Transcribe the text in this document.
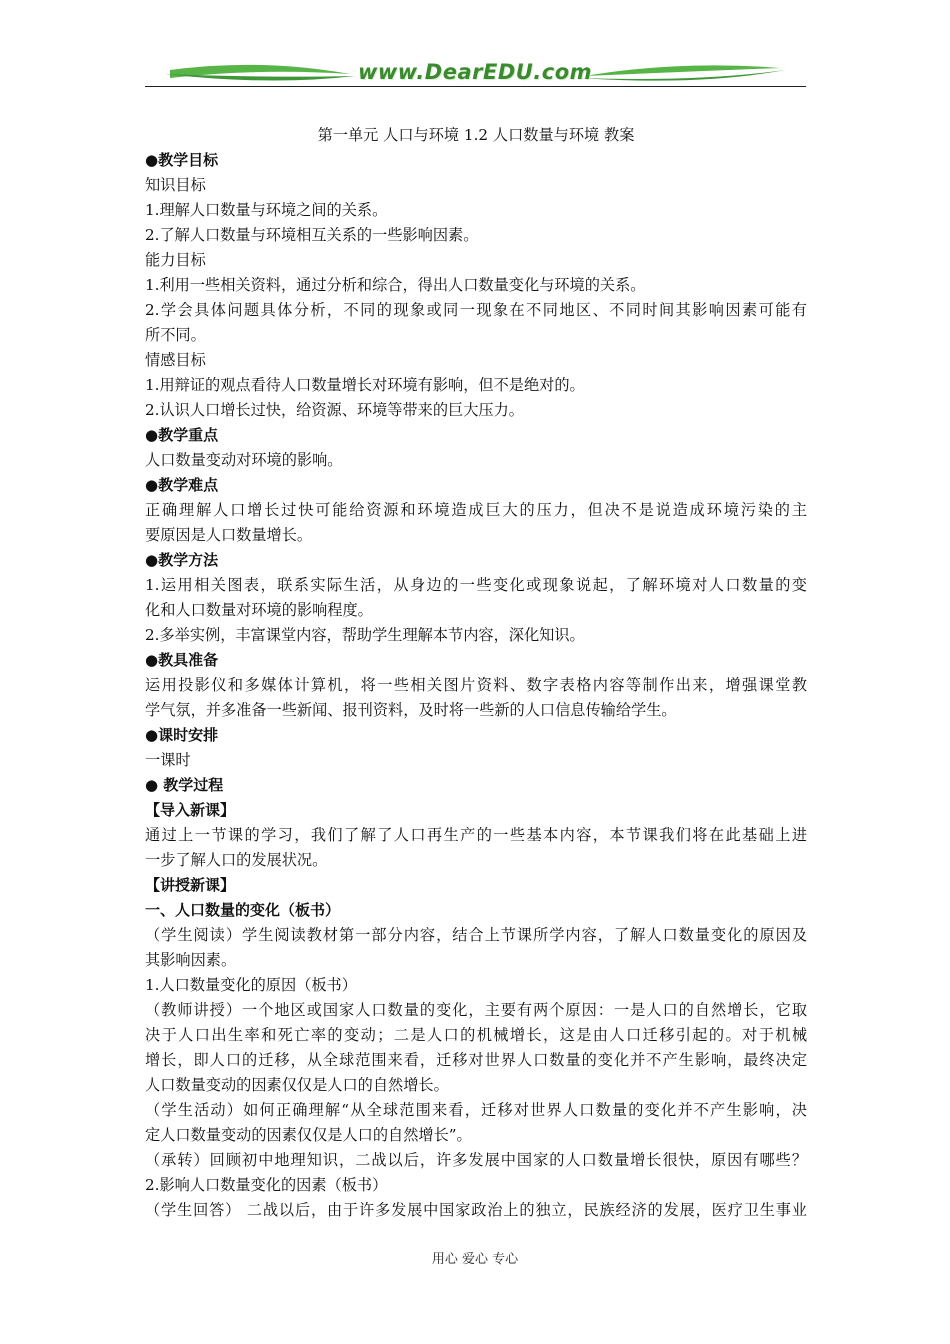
www.DearEDU.com
第一单元 人口与环境 1.2 人口数量与环境 教案
●教学目标
知识目标
1.理解人口数量与环境之间的关系。
2.了解人口数量与环境相互关系的一些影响因素。
能力目标
1.利用一些相关资料，通过分析和综合，得出人口数量变化与环境的关系。
2.学会具体问题具体分析，不同的现象或同一现象在不同地区、不同时间其影响因素可能有
所不同。
情感目标
1.用辩证的观点看待人口数量增长对环境有影响，但不是绝对的。
2.认识人口增长过快，给资源、环境等带来的巨大压力。
●教学重点
人口数量变动对环境的影响。
●教学难点
正确理解人口增长过快可能给资源和环境造成巨大的压力，但决不是说造成环境污染的主
要原因是人口数量增长。
●教学方法
1.运用相关图表，联系实际生活，从身边的一些变化或现象说起，了解环境对人口数量的变
化和人口数量对环境的影响程度。
2.多举实例，丰富课堂内容，帮助学生理解本节内容，深化知识。
●教具准备
运用投影仪和多媒体计算机，将一些相关图片资料、数字表格内容等制作出来，增强课堂教
学气氛，并多准备一些新闻、报刊资料，及时将一些新的人口信息传输给学生。
●课时安排
一课时
● 教学过程
【导入新课】
通过上一节课的学习，我们了解了人口再生产的一些基本内容，本节课我们将在此基础上进
一步了解人口的发展状况。
【讲授新课】
一、人口数量的变化（板书）
（学生阅读）学生阅读教材第一部分内容，结合上节课所学内容，了解人口数量变化的原因及
其影响因素。
1.人口数量变化的原因（板书）
（教师讲授）一个地区或国家人口数量的变化，主要有两个原因：一是人口的自然增长，它取
决于人口出生率和死亡率的变动；二是人口的机械增长，这是由人口迁移引起的。对于机械
增长，即人口的迁移，从全球范围来看，迁移对世界人口数量的变化并不产生影响，最终决定
人口数量变动的因素仅仅是人口的自然增长。
（学生活动）如何正确理解“从全球范围来看，迁移对世界人口数量的变化并不产生影响，决
定人口数量变动的因素仅仅是人口的自然增长”。
（承转）回顾初中地理知识，二战以后，许多发展中国家的人口数量增长很快，原因有哪些？
2.影响人口数量变化的因素（板书）
（学生回答） 二战以后，由于许多发展中国家政治上的独立，民族经济的发展，医疗卫生事业
用心 爱心 专心
